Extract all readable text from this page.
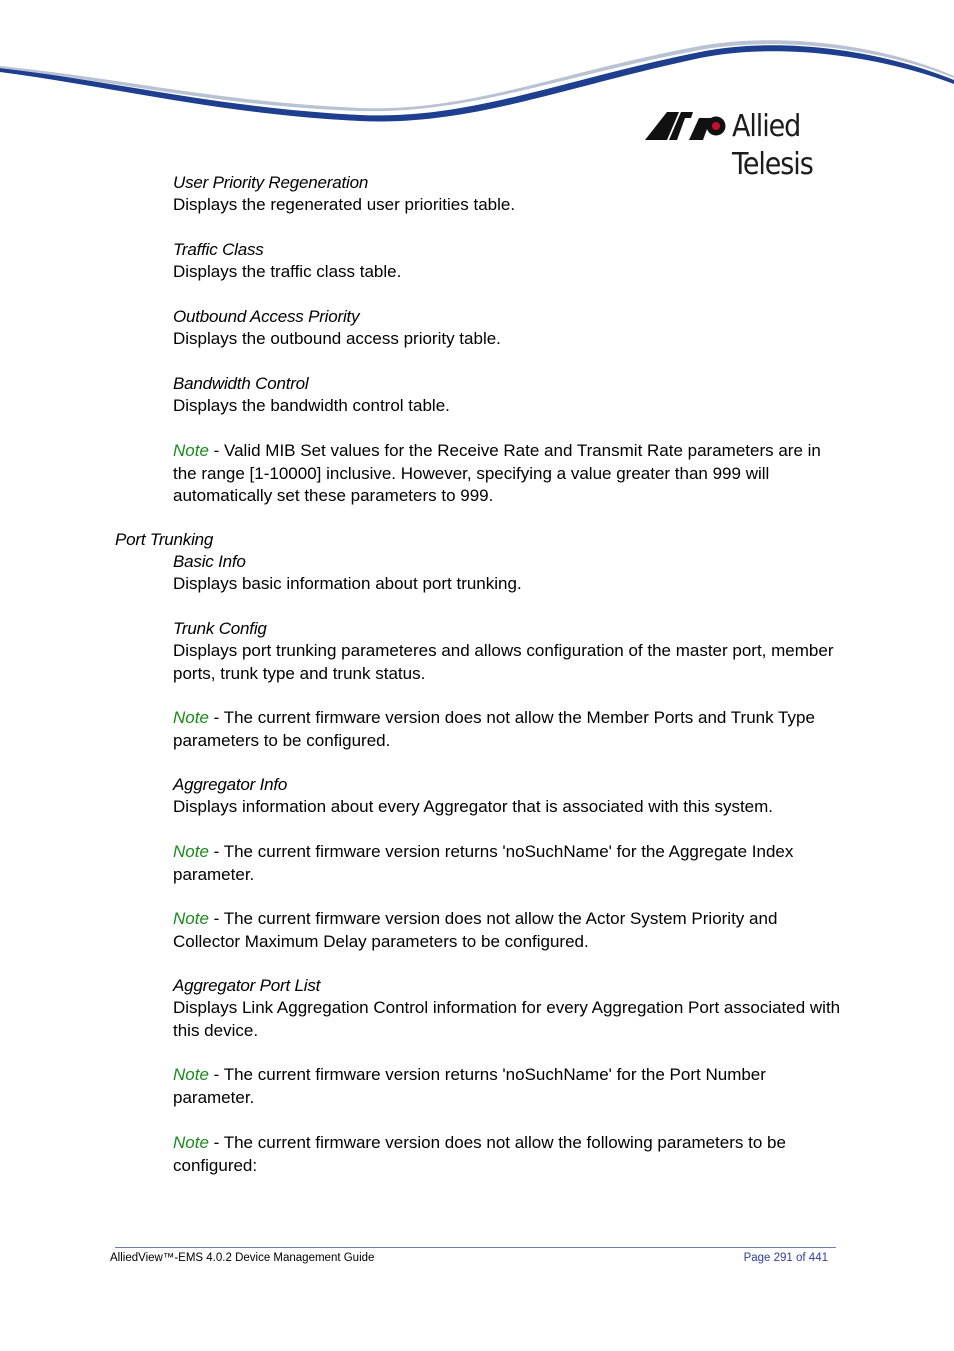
Allied Telesis
User Priority Regeneration
Displays the regenerated user priorities table.
Traffic Class
Displays the traffic class table.
Outbound Access Priority
Displays the outbound access priority table.
Bandwidth Control
Displays the bandwidth control table.
Note - Valid MIB Set values for the Receive Rate and Transmit Rate parameters are in the range [1-10000] inclusive. However, specifying a value greater than 999 will automatically set these parameters to 999.
Port Trunking
Basic Info
Displays basic information about port trunking.
Trunk Config
Displays port trunking parameteres and allows configuration of the master port, member ports, trunk type and trunk status.
Note - The current firmware version does not allow the Member Ports and Trunk Type parameters to be configured.
Aggregator Info
Displays information about every Aggregator that is associated with this system.
Note - The current firmware version returns 'noSuchName' for the Aggregate Index parameter.
Note - The current firmware version does not allow the Actor System Priority and Collector Maximum Delay parameters to be configured.
Aggregator Port List
Displays Link Aggregation Control information for every Aggregation Port associated with this device.
Note - The current firmware version returns 'noSuchName' for the Port Number parameter.
Note - The current firmware version does not allow the following parameters to be configured:
AlliedView™-EMS 4.0.2 Device Management Guide	Page 291 of 441
